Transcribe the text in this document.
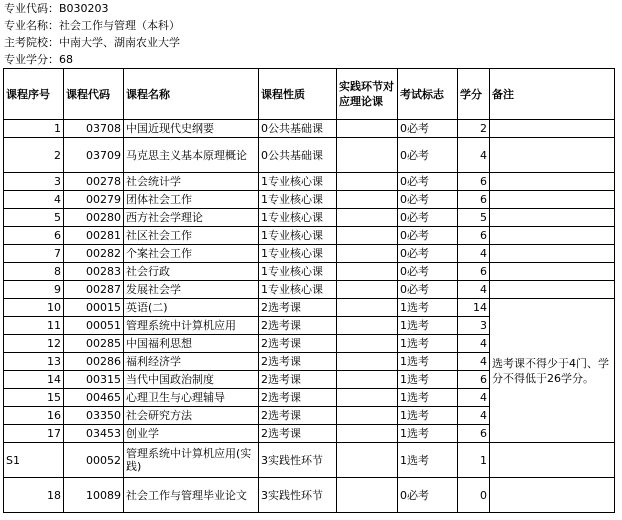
专业代码：B030203
专业名称：社会工作与管理（本科）
主考院校：中南大学、湖南农业大学
专业学分：68
课程序号	课程代码	课程名称	课程性质	实践环节对应理论课	考试标志	学分	备注
1	03708	中国近现代史纲要	0公共基础课		0必考	2	
2	03709	马克思主义基本原理概论	0公共基础课		0必考	4	
3	00278	社会统计学	1专业核心课		0必考	6	
4	00279	团体社会工作	1专业核心课		0必考	6	
5	00280	西方社会学理论	1专业核心课		0必考	5	
6	00281	社区社会工作	1专业核心课		0必考	6	
7	00282	个案社会工作	1专业核心课		0必考	4	
8	00283	社会行政	1专业核心课		0必考	6	
9	00287	发展社会学	1专业核心课		0必考	4	
10	00015	英语(二)	2选考课		1选考	14	选考课不得少于4门、学分不得低于26学分。
11	00051	管理系统中计算机应用	2选考课		1选考	3	
12	00285	中国福利思想	2选考课		1选考	4	
13	00286	福利经济学	2选考课		1选考	4	
14	00315	当代中国政治制度	2选考课		1选考	6	
15	00465	心理卫生与心理辅导	2选考课		1选考	4	
16	03350	社会研究方法	2选考课		1选考	4	
17	03453	创业学	2选考课		1选考	6	
S1	00052	管理系统中计算机应用(实践)	3实践性环节		1选考	1	
18	10089	社会工作与管理毕业论文	3实践性环节		0必考	0	
